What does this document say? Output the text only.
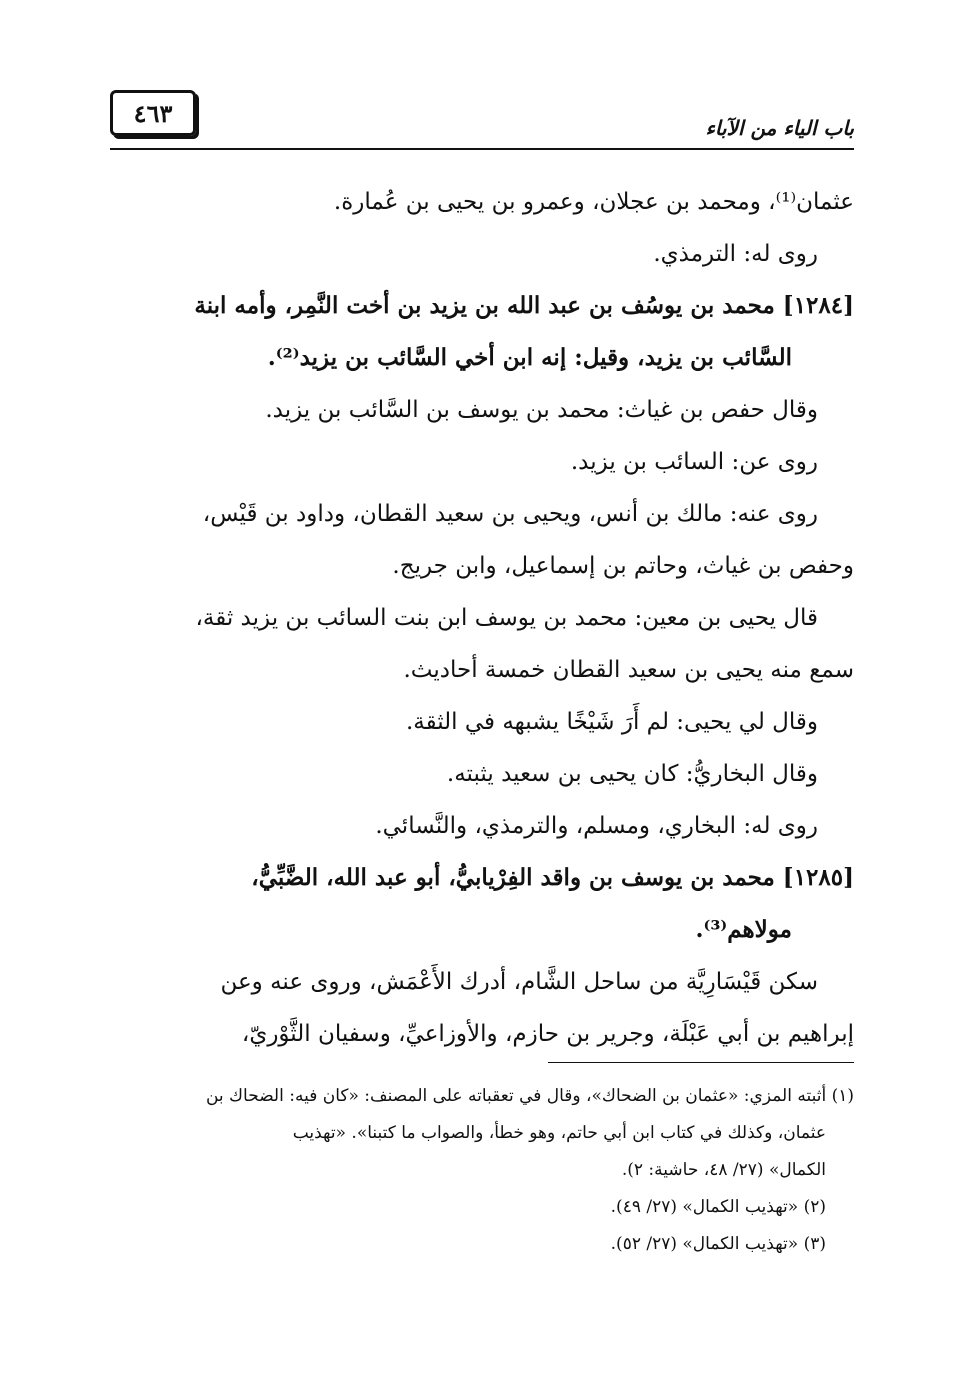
٤٦٣
باب الياء من الآباء
عثمان⁽¹⁾، ومحمد بن عجلان، وعمرو بن يحيى بن عُمارة.
روى له: الترمذي.
[١٢٨٤] محمد بن يوسُف بن عبد الله بن يزيد بن أخت النَّمِر، وأمه ابنة
السَّائب بن يزيد، وقيل: إنه ابن أخي السَّائب بن يزيد⁽²⁾.
وقال حفص بن غياث: محمد بن يوسف بن السَّائب بن يزيد.
روى عن: السائب بن يزيد.
روى عنه: مالك بن أنس، ويحيى بن سعيد القطان، وداود بن قَيْس،
وحفص بن غياث، وحاتم بن إسماعيل، وابن جريج.
قال يحيى بن معين: محمد بن يوسف ابن بنت السائب بن يزيد ثقة،
سمع منه يحيى بن سعيد القطان خمسة أحاديث.
وقال لي يحيى: لم أَرَ شَيْخًا يشبهه في الثقة.
وقال البخاريُّ: كان يحيى بن سعيد يثبته.
روى له: البخاري، ومسلم، والترمذي، والنَّسائي.
[١٢٨٥] محمد بن يوسف بن واقد الفِرْيابيُّ، أبو عبد الله، الضَّبِّيُّ،
مولاهم⁽³⁾.
سكن قَيْسَارِيَّة من ساحل الشَّام، أدرك الأَعْمَش، وروى عنه وعن
إبراهيم بن أبي عَبْلَة، وجرير بن حازم، والأوزاعيِّ، وسفيان الثَّوْريّ،
(١) أثبته المزي: «عثمان بن الضحاك»، وقال في تعقباته على المصنف: «كان فيه: الضحاك بن
عثمان، وكذلك في كتاب ابن أبي حاتم، وهو خطأ، والصواب ما كتبنا». «تهذيب
الكمال» (٢٧/ ٤٨، حاشية: ٢).
(٢) «تهذيب الكمال» (٢٧/ ٤٩).
(٣) «تهذيب الكمال» (٢٧/ ٥٢).
